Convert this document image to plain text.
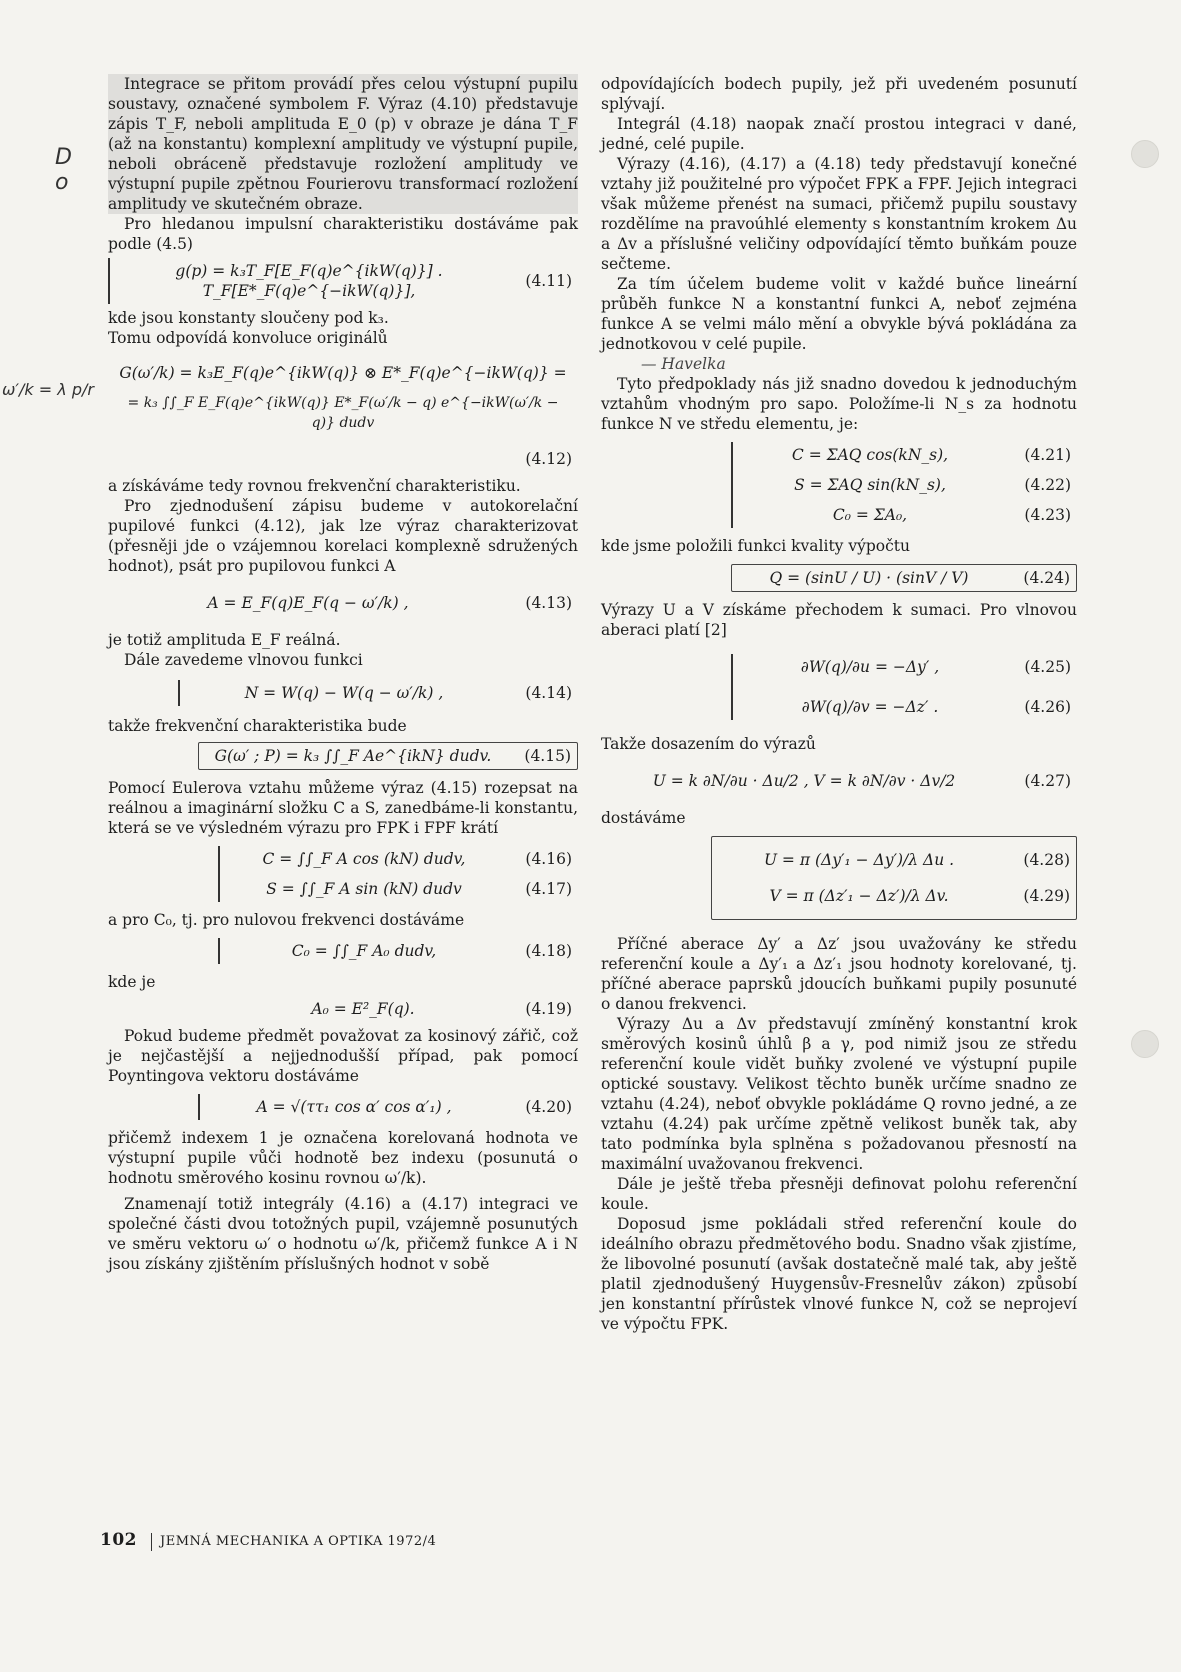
D
o
ω′/k = λ p/r

Integrace se přitom provádí přes celou výstupní pupilu soustavy, označené symbolem F. Výraz (4.10) představuje zápis T_F, neboli amplituda E_0 (p) v obraze je dána T_F (až na konstantu) komplexní amplitudy ve výstupní pupile, neboli obráceně představuje rozložení amplitudy ve výstupní pupile zpětnou Fourierovu transformací rozložení amplitudy ve skutečném obraze.

Pro hledanou impulsní charakteristiku dostáváme pak podle (4.5)

g(p) = k₃T_F[E_F(q)e^{ikW(q)}] . T_F[E*_F(q)e^{−ikW(q)}],
(4.11)

kde jsou konstanty sloučeny pod k₃.

Tomu odpovídá konvoluce originálů

G(ω′/k) = k₃E_F(q)e^{ikW(q)} ⊗ E*_F(q)e^{−ikW(q)} =
= k₃ ∫∫_F E_F(q)e^{ikW(q)} E*_F(ω′/k − q) e^{−ikW(ω′/k − q)} dudv
(4.12)

a získáváme tedy rovnou frekvenční charakteristiku.

Pro zjednodušení zápisu budeme v autokorelační pupilové funkci (4.12), jak lze výraz charakterizovat (přesněji jde o vzájemnou korelaci komplexně sdružených hodnot), psát pro pupilovou funkci A

A = E_F(q)E_F(q − ω′/k) ,	(4.13)

je totiž amplituda E_F reálná.

Dále zavedeme vlnovou funkci

N = W(q) − W(q − ω′/k) ,	(4.14)

takže frekvenční charakteristika bude

G(ω′ ; P) = k₃ ∫∫_F Ae^{ikN} dudv.	(4.15)

Pomocí Eulerova vztahu můžeme výraz (4.15) rozepsat na reálnou a imaginární složku C a S, zanedbáme-li konstantu, která se ve výsledném výrazu pro FPK i FPF krátí

C = ∫∫_F A cos (kN) dudv,	(4.16)
S = ∫∫_F A sin (kN) dudv	(4.17)

a pro C₀, tj. pro nulovou frekvenci dostáváme

C₀ = ∫∫_F A₀ dudv,	(4.18)

kde je

A₀ = E²_F(q).	(4.19)

Pokud budeme předmět považovat za kosinový zářič, což je nejčastější a nejjednodušší případ, pak pomocí Poyntingova vektoru dostáváme

A = √(ττ₁ cos α′ cos α′₁) ,	(4.20)

přičemž indexem 1 je označena korelovaná hodnota ve výstupní pupile vůči hodnotě bez indexu (posunutá o hodnotu směrového kosinu rovnou ω′/k).

Znamenají totiž integrály (4.16) a (4.17) integraci ve společné části dvou totožných pupil, vzájemně posunutých ve směru vektoru ω′ o hodnotu ω′/k, přičemž funkce A i N jsou získány zjištěním příslušných hodnot v sobě

odpovídajících bodech pupily, jež při uvedeném posunutí splývají.

Integrál (4.18) naopak značí prostou integraci v dané, jedné, celé pupile.

Výrazy (4.16), (4.17) a (4.18) tedy představují konečné vztahy již použitelné pro výpočet FPK a FPF. Jejich integraci však můžeme přenést na sumaci, přičemž pupilu soustavy rozdělíme na pravoúhlé elementy s konstantním krokem Δu a Δv a příslušné veličiny odpovídající těmto buňkám pouze sečteme.

Za tím účelem budeme volit v každé buňce lineární průběh funkce N a konstantní funkci A, neboť zejména funkce A se velmi málo mění a obvykle bývá pokládána za jednotkovou v celé pupile.

— Havelka

Tyto předpoklady nás již snadno dovedou k jednoduchým vztahům vhodným pro sapo. Položíme-li N_s za hodnotu funkce N ve středu elementu, je:

C = ΣAQ cos(kN_s),	(4.21)
S = ΣAQ sin(kN_s),	(4.22)
C₀ = ΣA₀,	(4.23)

kde jsme položili funkci kvality výpočtu

Q = (sinU / U) · (sinV / V)	(4.24)

Výrazy U a V získáme přechodem k sumaci. Pro vlnovou aberaci platí [2]

∂W(q)/∂u = −Δy′ ,	(4.25)
∂W(q)/∂v = −Δz′ .	(4.26)

Takže dosazením do výrazů

U = k ∂N/∂u · Δu/2 , V = k ∂N/∂v · Δv/2	(4.27)

dostáváme

U = π (Δy′₁ − Δy′)/λ Δu .	(4.28)
V = π (Δz′₁ − Δz′)/λ Δv.	(4.29)

Příčné aberace Δy′ a Δz′ jsou uvažovány ke středu referenční koule a Δy′₁ a Δz′₁ jsou hodnoty korelované, tj. příčné aberace paprsků jdoucích buňkami pupily posunuté o danou frekvenci.

Výrazy Δu a Δv představují zmíněný konstantní krok směrových kosinů úhlů β a γ, pod nimiž jsou ze středu referenční koule vidět buňky zvolené ve výstupní pupile optické soustavy. Velikost těchto buněk určíme snadno ze vztahu (4.24), neboť obvykle pokládáme Q rovno jedné, a ze vztahu (4.24) pak určíme zpětně velikost buněk tak, aby tato podmínka byla splněna s požadovanou přesností na maximální uvažovanou frekvenci.

Dále je ještě třeba přesněji definovat polohu referenční koule.

Doposud jsme pokládali střed referenční koule do ideálního obrazu předmětového bodu. Snadno však zjistíme, že libovolné posunutí (avšak dostatečně malé tak, aby ještě platil zjednodušený Huygensův-Fresnelův zákon) způsobí jen konstantní přírůstek vlnové funkce N, což se neprojeví ve výpočtu FPK.

102 JEMNÁ MECHANIKA A OPTIKA 1972/4
